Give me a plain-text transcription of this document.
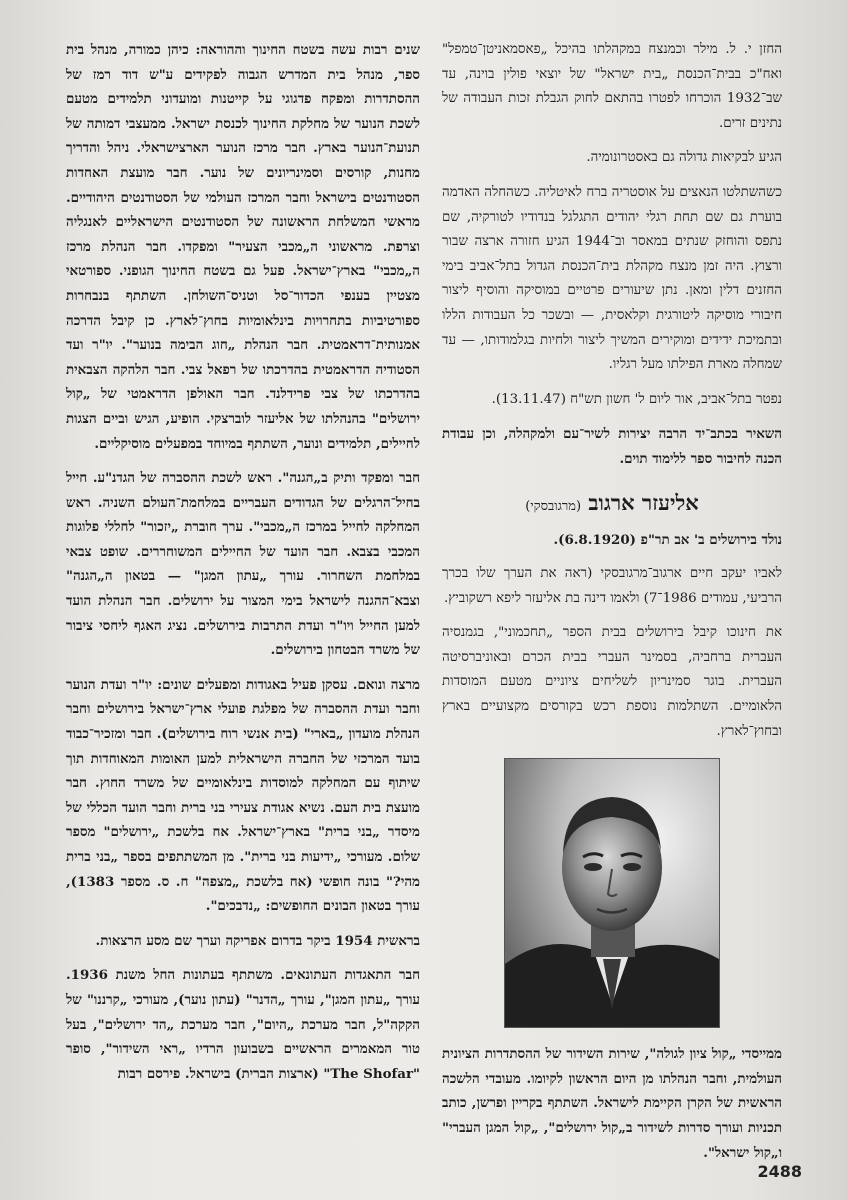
החזן י. ל. מילר וכמנצח במקהלתו בהיכל „פאסמאניטן־טמפל" ואח"כ בבית־הכנסת „בית ישראל" של יוצאי פולין בוינה, עד שב־1932 הוכרחו לפטרו בהתאם לחוק הגבלת זכות העבודה של נתינים זרים.

הגיע לבקיאות גדולה גם באסטרונומיה.

כשהשתלטו הנאצים על אוסטריה ברח לאיטליה. כשהחלה האדמה בוערת גם שם תחת רגלי יהודים התגלגל בנדודיו לטורקיה, שם נתפס והוחזק שנתים במאסר וב־1944 הגיע חזורה ארצה שבור ורצוץ. היה זמן מנצח מקהלת בית־הכנסת הגדול בתל־אביב בימי החזנים דלין ומאן. נתן שיעורים פרטיים במוסיקה והוסיף ליצור חיבורי מוסיקה ליטורגית וקלאסית, — ובשכר כל העבודות הללו ובתמיכת ידידים ומוקירים המשיך ליצור ולחיות בגלמודותו, — עד שמחלה מארת הפילתו מעל רגליו.

נפטר בתל־אביב, אור ליום ל' חשון תש"ח (13.11.47).

השאיר בכתב־יד הרבה יצירות לשיר־עם ולמקהלה, וכן עבודת הכנה לחיבור ספר ללימוד תוים.

אליעזר ארגוב (מרגובסקי)

נולד בירושלים ב' אב תר"פ (6.8.1920).

לאביו יעקב חיים ארגוב־מרגובסקי (ראה את הערך שלו בכרך הרביעי, עמודים 1986־7) ולאמו דינה בת אליעזר ליפא רשקוביץ.

את חינוכו קיבל בירושלים בבית הספר „תחכמוני", בגמנסיה העברית ברחביה, בסמינר העברי בבית הכרם ובאוניברסיטה העברית. בוגר סמינריון לשליחים ציוניים מטעם המוסדות הלאומיים. השתלמות נוספת רכש בקורסים מקצועיים בארץ ובחוץ־לארץ.

ממייסדי „קול ציון לגולה", שירות השידור של ההסתדרות הציונית העולמית, וחבר הנהלתו מן היום הראשון לקיומו. מעובדי הלשכה הראשית של הקרן הקיימת לישראל. השתתף בקריין ופרשן, כותב תכניות ועורך סדרות לשידור ב„קול ירושלים", „קול המגן העברי" ו„קול ישראל".

שנים רבות עשה בשטח החינוך וההוראה: כיהן כמורה, מנהל בית ספר, מנהל בית המדרש הגבוה לפקידים ע"ש דוד רמז של ההסתדרות ומפקח פדגוגי על קייטנות ומועדוני תלמידים מטעם לשכת הנוער של מחלקת החינוך לכנסת ישראל. ממעצבי דמותה של תנועת־הנוער בארץ. חבר מרכז הנוער הארצישראלי. ניהל והדריך מחנות, קורסים וסמינריונים של נוער. חבר מועצת האחדות הסטודנטים בישראל וחבר המרכז העולמי של הסטודנטים היהודיים. מראשי המשלחת הראשונה של הסטודנטים הישראליים לאנגליה וצרפת. מראשוני ה„מכבי הצעיר" ומפקדו. חבר הנהלת מרכז ה„מכבי" בארץ־ישראל. פעל גם בשטח החינוך הגופני. ספורטאי מצטיין בענפי הכדור־סל וטניס־השולחן. השתתף בנבחרות ספורטיביות בתחרויות בינלאומיות בחוץ־לארץ. כן קיבל הדרכה אמנותית־דראמטית. חבר הנהלת „חוג הבימה בנוער". יו"ר ועד הסטודיה הדראמטית בהדרכתו של רפאל צבי. חבר הלהקה הצבאית בהדרכתו של צבי פרידלנד. חבר האולפן הדראמטי של „קול ירושלים" בהנהלתו של אליעזר לוברצקי. הופיע, הגיש וביים הצגות לחיילים, תלמידים ונוער, השתתף במיוחד במפעלים מוסיקליים.

חבר ומפקד ותיק ב„הגנה". ראש לשכת ההסברה של הגדנ"ע. חייל בחיל־הרגלים של הגדודים העבריים במלחמת־העולם השניה. ראש המחלקה לחייל במרכז ה„מכבי". ערך חוברת „יזכור" לחללי פלוגות המכבי בצבא. חבר הועד של החיילים המשוחררים. שופט צבאי במלחמת השחרור. עורך „עתון המגן" — בטאון ה„הגנה" וצבא־ההגנה לישראל בימי המצור על ירושלים. חבר הנהלת הועד למען החייל ויו"ר ועדת התרבות בירושלים. נציג האגף ליחסי ציבור של משרד הבטחון בירושלים.

מרצה ונואם. עסקן פעיל באגודות ומפעלים שונים: יו"ר ועדת הנוער וחבר ועדת ההסברה של מפלגת פועלי ארץ־ישראל בירושלים וחבר הנהלת מועדון „בארי" (בית אנשי רוח בירושלים). חבר ומזכיר־כבוד בועד המרכזי של החברה הישראלית למען האומות המאוחדות תוך שיתוף עם המחלקה למוסדות בינלאומיים של משרד החוץ. חבר מועצת בית העם. נשיא אגודת צעירי בני ברית וחבר הועד הכללי של מיסדר „בני ברית" בארץ־ישראל. אח בלשכת „ירושלים" מספר שלום. מעורכי „ידיעות בני ברית". מן המשתתפים בספר „בני ברית מהי?" בונה חופשי (אח בלשכת „מצפה" ח. ס. מספר 1383), עורך בטאון הבונים החופשים: „נדבכים".

בראשית 1954 ביקר בדרום אפריקה וערך שם מסע הרצאות.

חבר התאגדות העתונאים. משתתף בעתונות החל משנת 1936. עורך „עתון המגן", עורך „הדנר" (עתון נוער), מעורכי „קרננו" של הקקה"ל, חבר מערכת „היום", חבר מערכת „הד ירושלים", בעל טור המאמרים הראשיים בשבועון הרדיו „ראי השידור", סופר "The Shofar" (ארצות הברית) בישראל. פירסם רבות

2488
